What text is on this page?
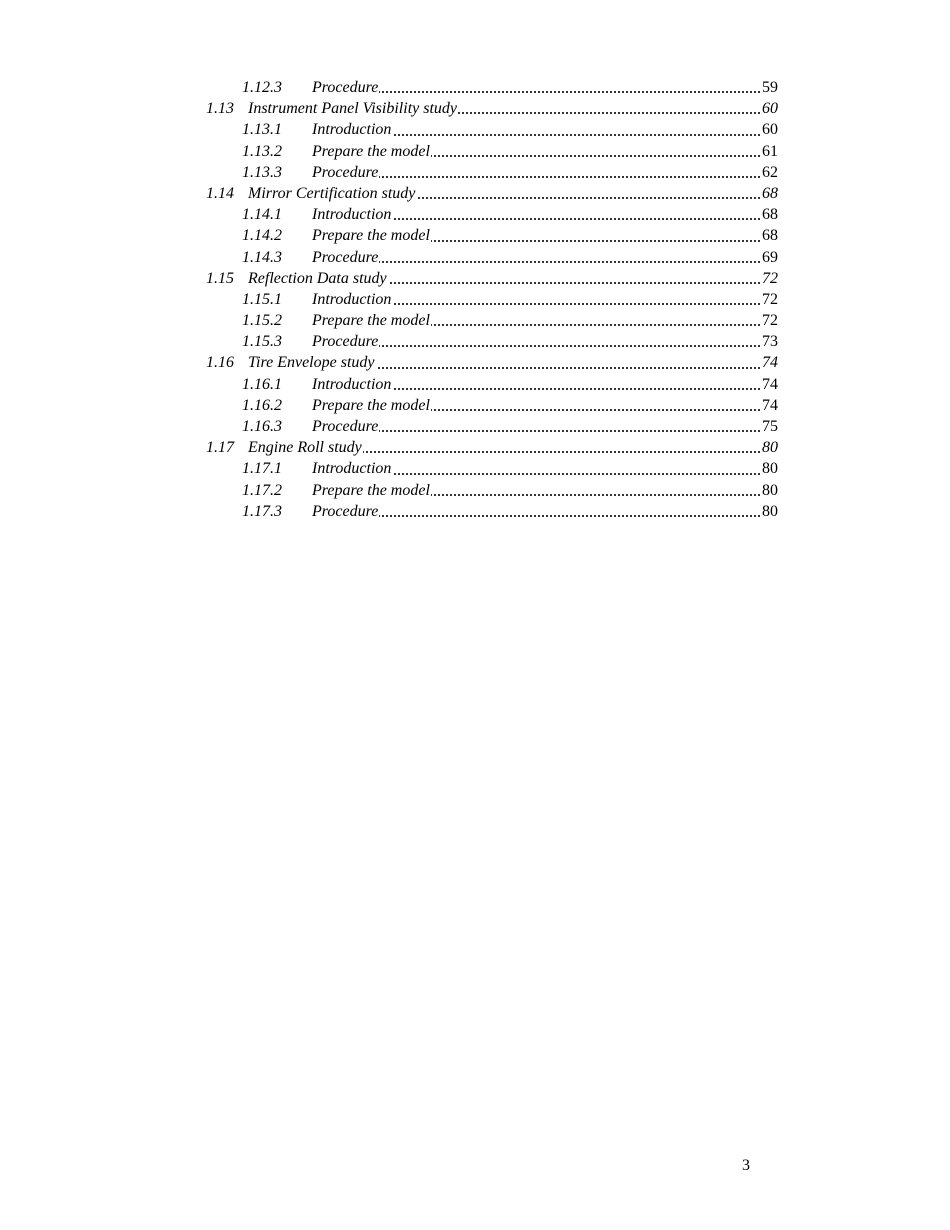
1.12.3	Procedure	59
1.13 Instrument Panel Visibility study	60
1.13.1	Introduction	60
1.13.2	Prepare the model	61
1.13.3	Procedure	62
1.14 Mirror Certification study	68
1.14.1	Introduction	68
1.14.2	Prepare the model	68
1.14.3	Procedure	69
1.15 Reflection Data study	72
1.15.1	Introduction	72
1.15.2	Prepare the model	72
1.15.3	Procedure	73
1.16 Tire Envelope study	74
1.16.1	Introduction	74
1.16.2	Prepare the model	74
1.16.3	Procedure	75
1.17 Engine Roll study	80
1.17.1	Introduction	80
1.17.2	Prepare the model	80
1.17.3	Procedure	80
3
